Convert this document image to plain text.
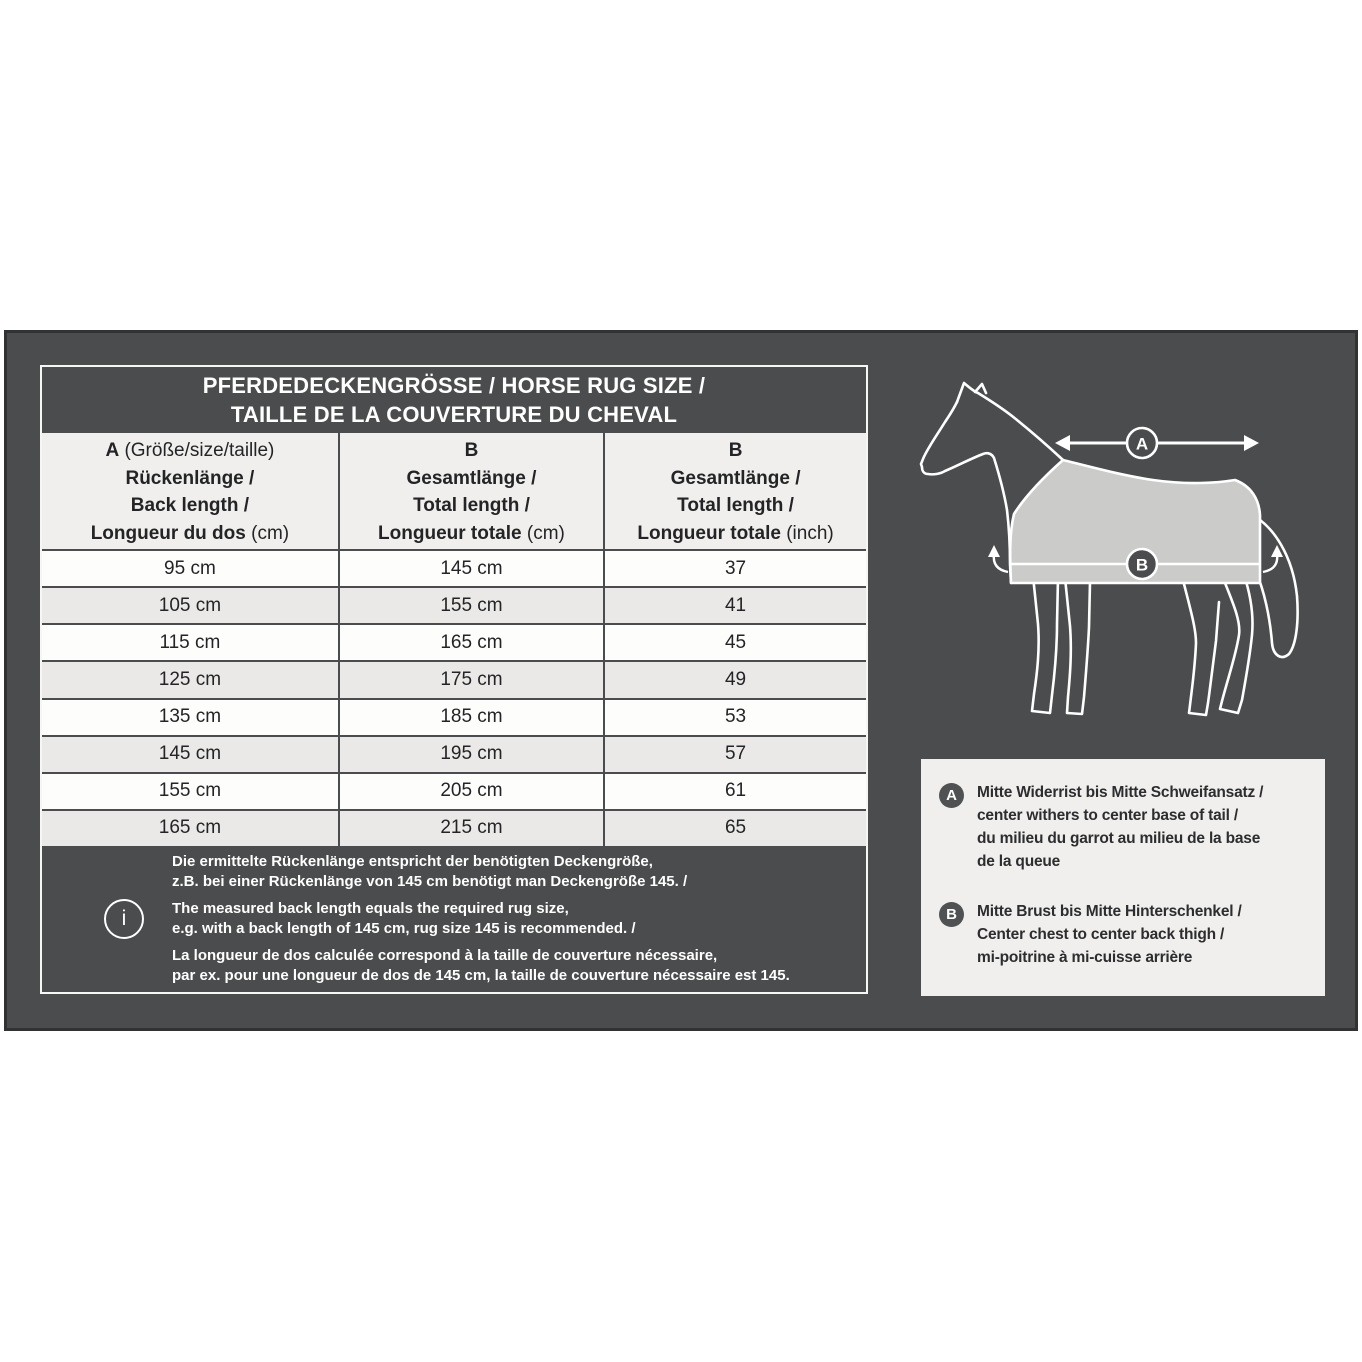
PFERDEDECKENGRÖSSE / HORSE RUG SIZE /
TAILLE DE LA COUVERTURE DU CHEVAL
A (Größe/size/taille)
Rückenlänge /
Back length /
Longueur du dos (cm)
B
Gesamtlänge /
Total length /
Longueur totale (cm)
B
Gesamtlänge /
Total length /
Longueur totale (inch)
95 cm	145 cm	37
105 cm	155 cm	41
115 cm	165 cm	45
125 cm	175 cm	49
135 cm	185 cm	53
145 cm	195 cm	57
155 cm	205 cm	61
165 cm	215 cm	65
i

Die ermittelte Rückenlänge entspricht der benötigten Deckengröße,
z.B. bei einer Rückenlänge von 145 cm benötigt man Deckengröße 145. /

The measured back length equals the required rug size,
e.g. with a back length of 145 cm, rug size 145 is recommended. /

La longueur de dos calculée correspond à la taille de couverture nécessaire,
par ex. pour une longueur de dos de 145 cm, la taille de couverture nécessaire est 145.

A
B
A	Mitte Widerrist bis Mitte Schweifansatz /
center withers to center base of tail /
du milieu du garrot au milieu de la base
de la queue
B	Mitte Brust bis Mitte Hinterschenkel /
Center chest to center back thigh /
mi-poitrine à mi-cuisse arrière
